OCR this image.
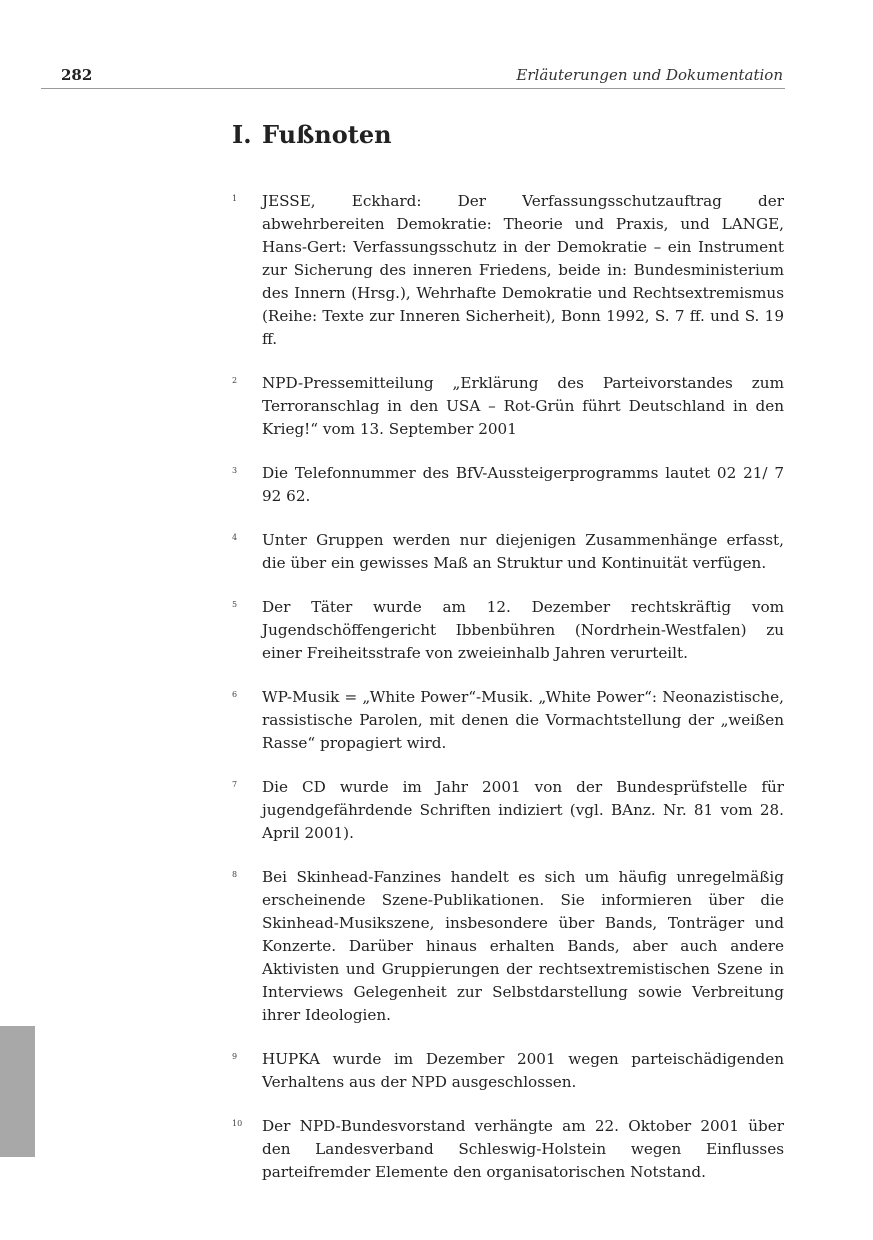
282	Erläuterungen und Dokumentation
I. Fußnoten
1 JESSE, Eckhard: Der Verfassungsschutzauftrag der abwehrbereiten Demokratie: Theorie und Praxis, und LANGE, Hans-Gert: Verfassungsschutz in der Demokratie – ein Instrument zur Sicherung des inneren Friedens, beide in: Bundesministerium des Innern (Hrsg.), Wehrhafte Demokratie und Rechtsextremismus (Reihe: Texte zur Inneren Sicherheit), Bonn 1992, S. 7 ff. und S. 19 ff.
2 NPD-Pressemitteilung „Erklärung des Parteivorstandes zum Terroranschlag in den USA – Rot-Grün führt Deutschland in den Krieg!“ vom 13. September 2001
3 Die Telefonnummer des BfV-Aussteigerprogramms lautet 02 21/ 7 92 62.
4 Unter Gruppen werden nur diejenigen Zusammenhänge erfasst, die über ein gewisses Maß an Struktur und Kontinuität verfügen.
5 Der Täter wurde am 12. Dezember rechtskräftig vom Jugendschöffengericht Ibbenbühren (Nordrhein-Westfalen) zu einer Freiheitsstrafe von zweieinhalb Jahren verurteilt.
6 WP-Musik = „White Power“-Musik. „White Power“: Neonazistische, rassistische Parolen, mit denen die Vormachtstellung der „weißen Rasse“ propagiert wird.
7 Die CD wurde im Jahr 2001 von der Bundesprüfstelle für jugendgefährdende Schriften indiziert (vgl. BAnz. Nr. 81 vom 28. April 2001).
8 Bei Skinhead-Fanzines handelt es sich um häufig unregelmäßig erscheinende Szene-Publikationen. Sie informieren über die Skinhead-Musikszene, insbesondere über Bands, Tonträger und Konzerte. Darüber hinaus erhalten Bands, aber auch andere Aktivisten und Gruppierungen der rechtsextremistischen Szene in Interviews Gelegenheit zur Selbstdarstellung sowie Verbreitung ihrer Ideologien.
9 HUPKA wurde im Dezember 2001 wegen parteischädigenden Verhaltens aus der NPD ausgeschlossen.
10 Der NPD-Bundesvorstand verhängte am 22. Oktober 2001 über den Landesverband Schleswig-Holstein wegen Einflusses parteifremder Elemente den organisatorischen Notstand.
